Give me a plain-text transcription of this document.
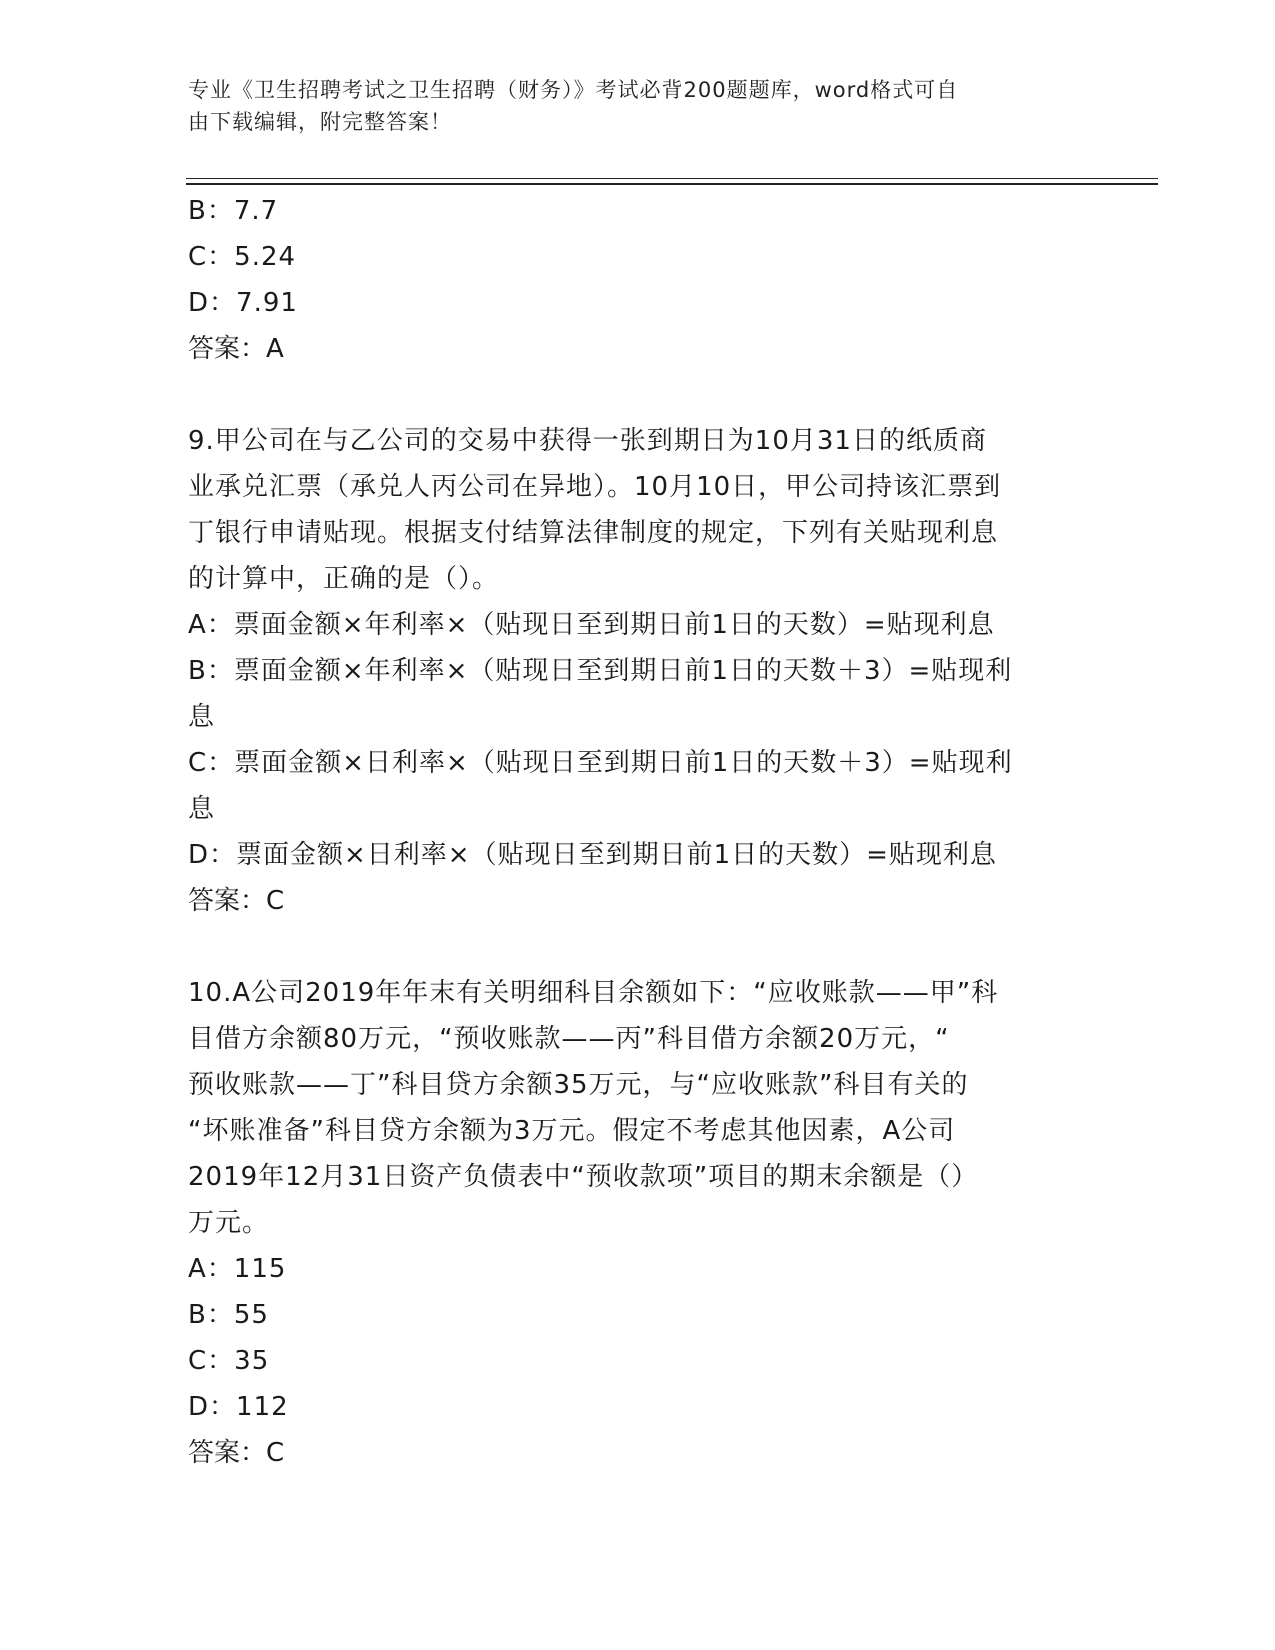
专业《卫生招聘考试之卫生招聘（财务）》考试必背200题题库，word格式可自
由下载编辑，附完整答案！
B：7.7
C：5.24
D：7.91
答案：A
9.甲公司在与乙公司的交易中获得一张到期日为10月31日的纸质商
业承兑汇票（承兑人丙公司在异地）。10月10日，甲公司持该汇票到
丁银行申请贴现。根据支付结算法律制度的规定，下列有关贴现利息
的计算中，正确的是（）。
A：票面金额×年利率×（贴现日至到期日前1日的天数）=贴现利息
B：票面金额×年利率×（贴现日至到期日前1日的天数＋3）=贴现利
息
C：票面金额×日利率×（贴现日至到期日前1日的天数＋3）=贴现利
息
D：票面金额×日利率×（贴现日至到期日前1日的天数）=贴现利息
答案：C
10.A公司2019年年末有关明细科目余额如下：“应收账款——甲”科
目借方余额80万元，“预收账款——丙”科目借方余额20万元，“
预收账款——丁”科目贷方余额35万元，与“应收账款”科目有关的
“坏账准备”科目贷方余额为3万元。假定不考虑其他因素，A公司
2019年12月31日资产负债表中“预收款项”项目的期末余额是（）
万元。
A：115
B：55
C：35
D：112
答案：C
